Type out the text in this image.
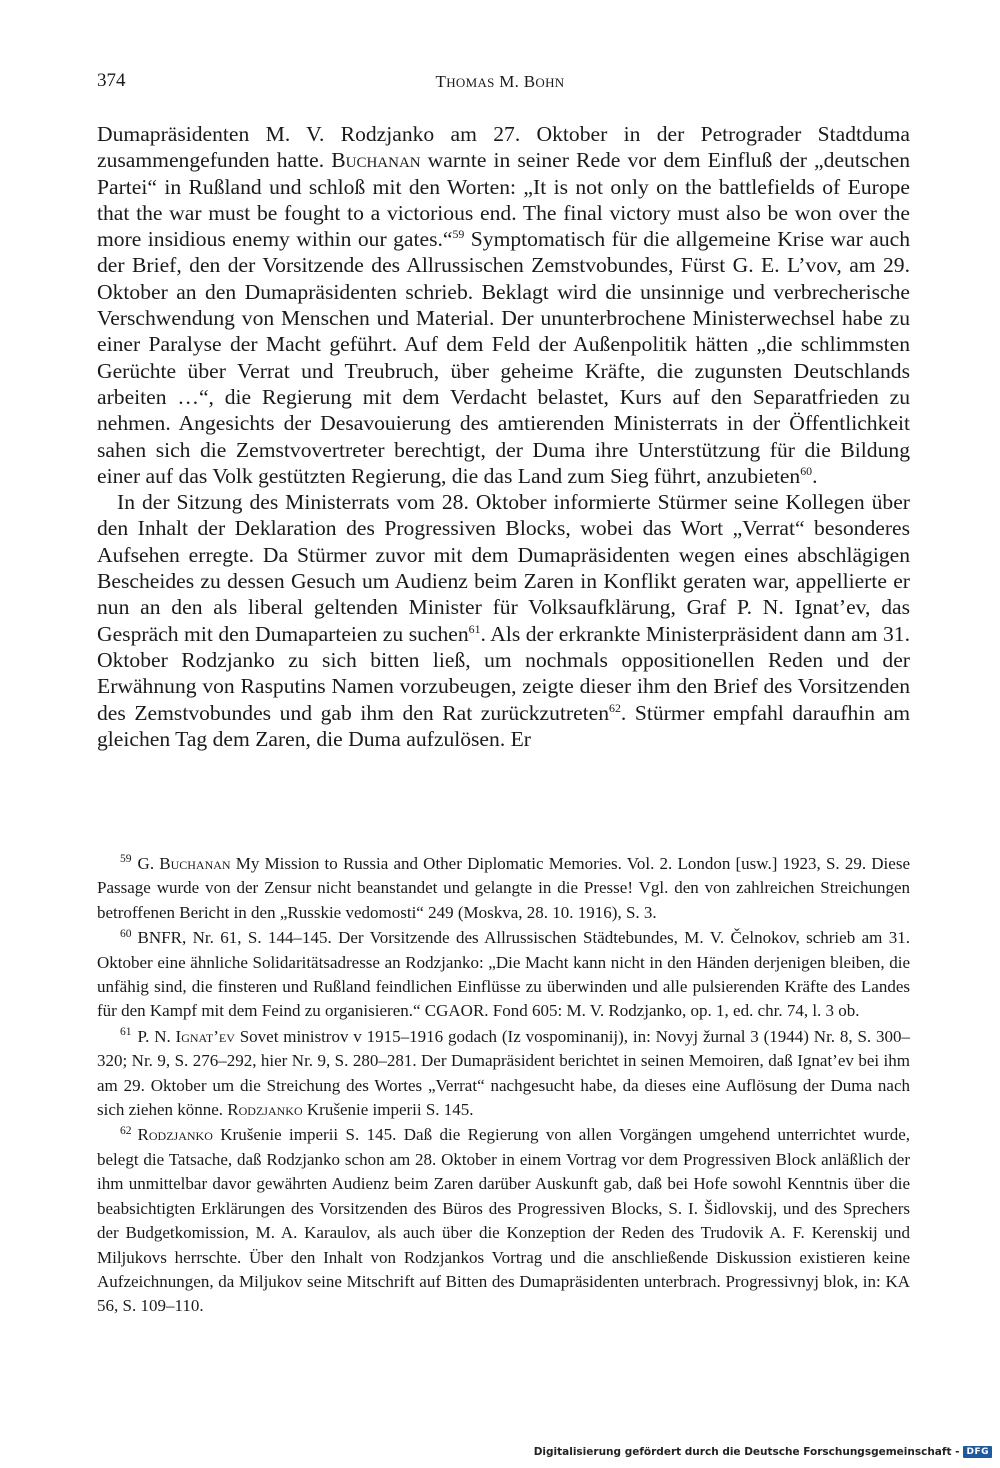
374	THOMAS M. BOHN

Dumapräsidenten M. V. Rodzjanko am 27. Oktober in der Petrograder Stadtduma zusammengefunden hatte. Buchanan warnte in seiner Rede vor dem Einfluß der „deutschen Partei“ in Rußland und schloß mit den Worten: „It is not only on the battlefields of Europe that the war must be fought to a victorious end. The final victory must also be won over the more insidious enemy within our gates.“$^{59}$ Symptomatisch für die allgemeine Krise war auch der Brief, den der Vorsitzende des Allrussischen Zemstvobundes, Fürst G. E. L’vov, am 29. Oktober an den Dumapräsidenten schrieb. Beklagt wird die unsinnige und verbrecherische Verschwendung von Menschen und Material. Der ununterbrochene Ministerwechsel habe zu einer Paralyse der Macht geführt. Auf dem Feld der Außenpolitik hätten „die schlimmsten Gerüchte über Verrat und Treubruch, über geheime Kräfte, die zugunsten Deutschlands arbeiten …“, die Regierung mit dem Verdacht belastet, Kurs auf den Separatfrieden zu nehmen. Angesichts der Desavouierung des amtierenden Ministerrats in der Öffentlichkeit sahen sich die Zemstvovertreter berechtigt, der Duma ihre Unterstützung für die Bildung einer auf das Volk gestützten Regierung, die das Land zum Sieg führt, anzubieten$^{60}$.

In der Sitzung des Ministerrats vom 28. Oktober informierte Stürmer seine Kollegen über den Inhalt der Deklaration des Progressiven Blocks, wobei das Wort „Verrat“ besonderes Aufsehen erregte. Da Stürmer zuvor mit dem Dumapräsidenten wegen eines abschlägigen Bescheides zu dessen Gesuch um Audienz beim Zaren in Konflikt geraten war, appellierte er nun an den als liberal geltenden Minister für Volksaufklärung, Graf P. N. Ignat’ev, das Gespräch mit den Dumaparteien zu suchen$^{61}$. Als der erkrankte Ministerpräsident dann am 31. Oktober Rodzjanko zu sich bitten ließ, um nochmals oppositionellen Reden und der Erwähnung von Rasputins Namen vorzubeugen, zeigte dieser ihm den Brief des Vorsitzenden des Zemstvobundes und gab ihm den Rat zurückzutreten$^{62}$. Stürmer empfahl daraufhin am gleichen Tag dem Zaren, die Duma aufzulösen. Er

$^{59}$ G. Buchanan My Mission to Russia and Other Diplomatic Memories. Vol. 2. London [usw.] 1923, S. 29. Diese Passage wurde von der Zensur nicht beanstandet und gelangte in die Presse! Vgl. den von zahlreichen Streichungen betroffenen Bericht in den „Russkie vedomosti“ 249 (Moskva, 28. 10. 1916), S. 3.

$^{60}$ BNFR, Nr. 61, S. 144–145. Der Vorsitzende des Allrussischen Städtebundes, M. V. Čelnokov, schrieb am 31. Oktober eine ähnliche Solidaritätsadresse an Rodzjanko: „Die Macht kann nicht in den Händen derjenigen bleiben, die unfähig sind, die finsteren und Rußland feindlichen Einflüsse zu überwinden und alle pulsierenden Kräfte des Landes für den Kampf mit dem Feind zu organisieren.“ CGAOR. Fond 605: M. V. Rodzjanko, op. 1, ed. chr. 74, l. 3 ob.

$^{61}$ P. N. Ignat’ev Sovet ministrov v 1915–1916 godach (Iz vospominanij), in: Novyj žurnal 3 (1944) Nr. 8, S. 300–320; Nr. 9, S. 276–292, hier Nr. 9, S. 280–281. Der Dumapräsident berichtet in seinen Memoiren, daß Ignat’ev bei ihm am 29. Oktober um die Streichung des Wortes „Verrat“ nachgesucht habe, da dieses eine Auflösung der Duma nach sich ziehen könne. Rodzjanko Krušenie imperii S. 145.

$^{62}$ Rodzjanko Krušenie imperii S. 145. Daß die Regierung von allen Vorgängen umgehend unterrichtet wurde, belegt die Tatsache, daß Rodzjanko schon am 28. Oktober in einem Vortrag vor dem Progressiven Block anläßlich der ihm unmittelbar davor gewährten Audienz beim Zaren darüber Auskunft gab, daß bei Hofe sowohl Kenntnis über die beabsichtigten Erklärungen des Vorsitzenden des Büros des Progressiven Blocks, S. I. Šidlovskij, und des Sprechers der Budgetkomission, M. A. Karaulov, als auch über die Konzeption der Reden des Trudovik A. F. Kerenskij und Miljukovs herrschte. Über den Inhalt von Rodzjankos Vortrag und die anschließende Diskussion existieren keine Aufzeichnungen, da Miljukov seine Mitschrift auf Bitten des Dumapräsidenten unterbrach. Progressivnyj blok, in: KA 56, S. 109–110.

Digitalisierung gefördert durch die Deutsche Forschungsgemeinschaft - DFG
